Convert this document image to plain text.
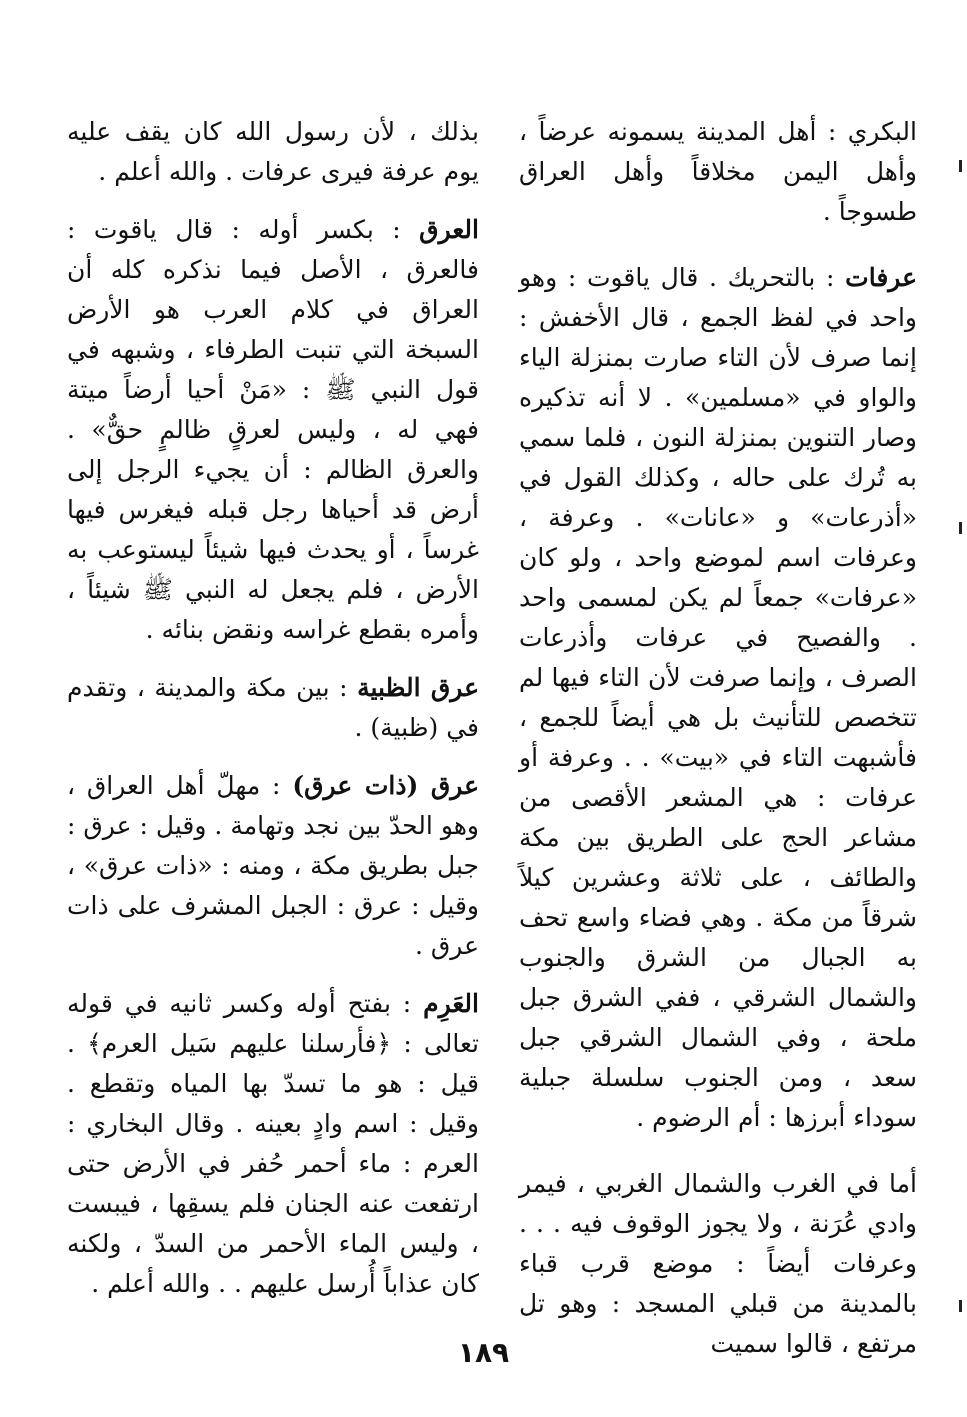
البكري : أهل المدينة يسمونه عرضاً ، وأهل اليمن مخلاقاً وأهل العراق طسوجاً .

عرفات : بالتحريك . قال ياقوت : وهو واحد في لفظ الجمع ، قال الأخفش : إنما صرف لأن التاء صارت بمنزلة الياء والواو في «مسلمين» . لا أنه تذكيره وصار التنوين بمنزلة النون ، فلما سمي به تُرك على حاله ، وكذلك القول في «أذرعات» و «عانات» . وعرفة ، وعرفات اسم لموضع واحد ، ولو كان «عرفات» جمعاً لم يكن لمسمى واحد . والفصيح في عرفات وأذرعات الصرف ، وإنما صرفت لأن التاء فيها لم تتخصص للتأنيث بل هي أيضاً للجمع ، فأشبهت التاء في «بيت» . . وعرفة أو عرفات : هي المشعر الأقصى من مشاعر الحج على الطريق بين مكة والطائف ، على ثلاثة وعشرين كيلاً شرقاً من مكة . وهي فضاء واسع تحف به الجبال من الشرق والجنوب والشمال الشرقي ، ففي الشرق جبل ملحة ، وفي الشمال الشرقي جبل سعد ، ومن الجنوب سلسلة جبلية سوداء أبرزها : أم الرضوم .

أما في الغرب والشمال الغربي ، فيمر وادي عُرَنة ، ولا يجوز الوقوف فيه . . . وعرفات أيضاً : موضع قرب قباء بالمدينة من قبلي المسجد : وهو تل مرتفع ، قالوا سميت

بذلك ، لأن رسول الله كان يقف عليه يوم عرفة فيرى عرفات . والله أعلم .

العرق : بكسر أوله : قال ياقوت : فالعرق ، الأصل فيما نذكره كله أن العراق في كلام العرب هو الأرض السبخة التي تنبت الطرفاء ، وشبهه في قول النبي ﷺ : «مَنْ أحيا أرضاً ميتة فهي له ، وليس لعرقٍ ظالمٍ حقٌّ» . والعرق الظالم : أن يجيء الرجل إلى أرض قد أحياها رجل قبله فيغرس فيها غرساً ، أو يحدث فيها شيئاً ليستوعب به الأرض ، فلم يجعل له النبي ﷺ شيئاً ، وأمره بقطع غراسه ونقض بنائه .

عرق الظبية : بين مكة والمدينة ، وتقدم في (ظبية) .

عرق (ذات عرق) : مهلّ أهل العراق ، وهو الحدّ بين نجد وتهامة . وقيل : عرق : جبل بطريق مكة ، ومنه : «ذات عرق» ، وقيل : عرق : الجبل المشرف على ذات عرق .

العَرِم : بفتح أوله وكسر ثانيه في قوله تعالى : ﴿فأرسلنا عليهم سَيل العرم﴾ . قيل : هو ما تسدّ بها المياه وتقطع . وقيل : اسم وادٍ بعينه . وقال البخاري : العرم : ماء أحمر حُفر في الأرض حتى ارتفعت عنه الجنان فلم يسقِها ، فيبست ، وليس الماء الأحمر من السدّ ، ولكنه كان عذاباً أُرسل عليهم . . والله أعلم .

١٨٩
